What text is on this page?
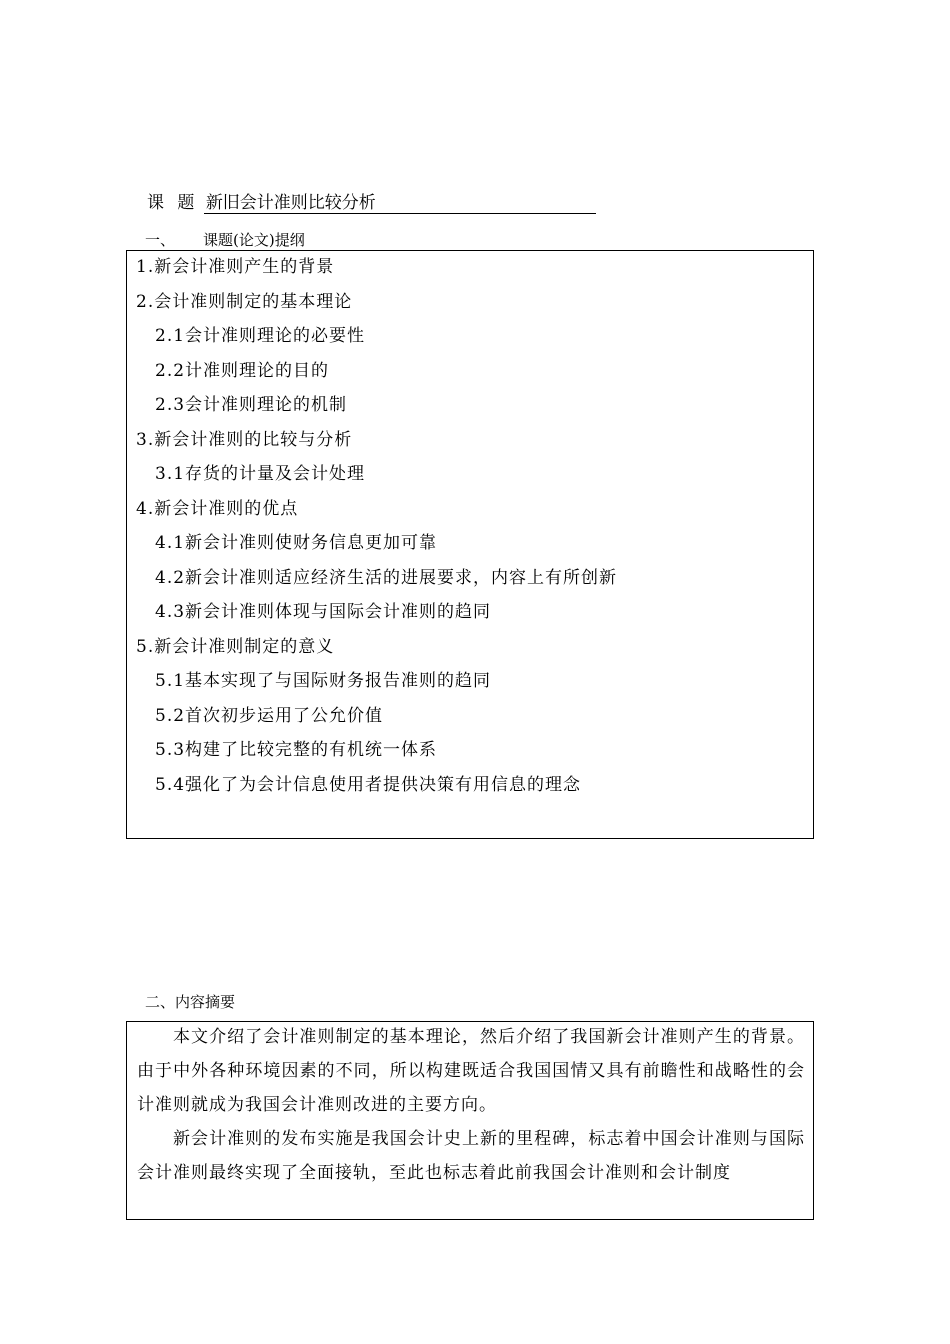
课 题 新旧会计准则比较分析
一、 课题(论文)提纲
1.新会计准则产生的背景
2.会计准则制定的基本理论
2.1会计准则理论的必要性
2.2计准则理论的目的
2.3会计准则理论的机制
3.新会计准则的比较与分析
3.1存货的计量及会计处理
4.新会计准则的优点
4.1新会计准则使财务信息更加可靠
4.2新会计准则适应经济生活的进展要求，内容上有所创新
4.3新会计准则体现与国际会计准则的趋同
5.新会计准则制定的意义
5.1基本实现了与国际财务报告准则的趋同
5.2首次初步运用了公允价值
5.3构建了比较完整的有机统一体系
5.4强化了为会计信息使用者提供决策有用信息的理念
二、内容摘要

本文介绍了会计准则制定的基本理论，然后介绍了我国新会计准则产生的背景。由于中外各种环境因素的不同，所以构建既适合我国国情又具有前瞻性和战略性的会计准则就成为我国会计准则改进的主要方向。

新会计准则的发布实施是我国会计史上新的里程碑，标志着中国会计准则与国际会计准则最终实现了全面接轨，至此也标志着此前我国会计准则和会计制度
